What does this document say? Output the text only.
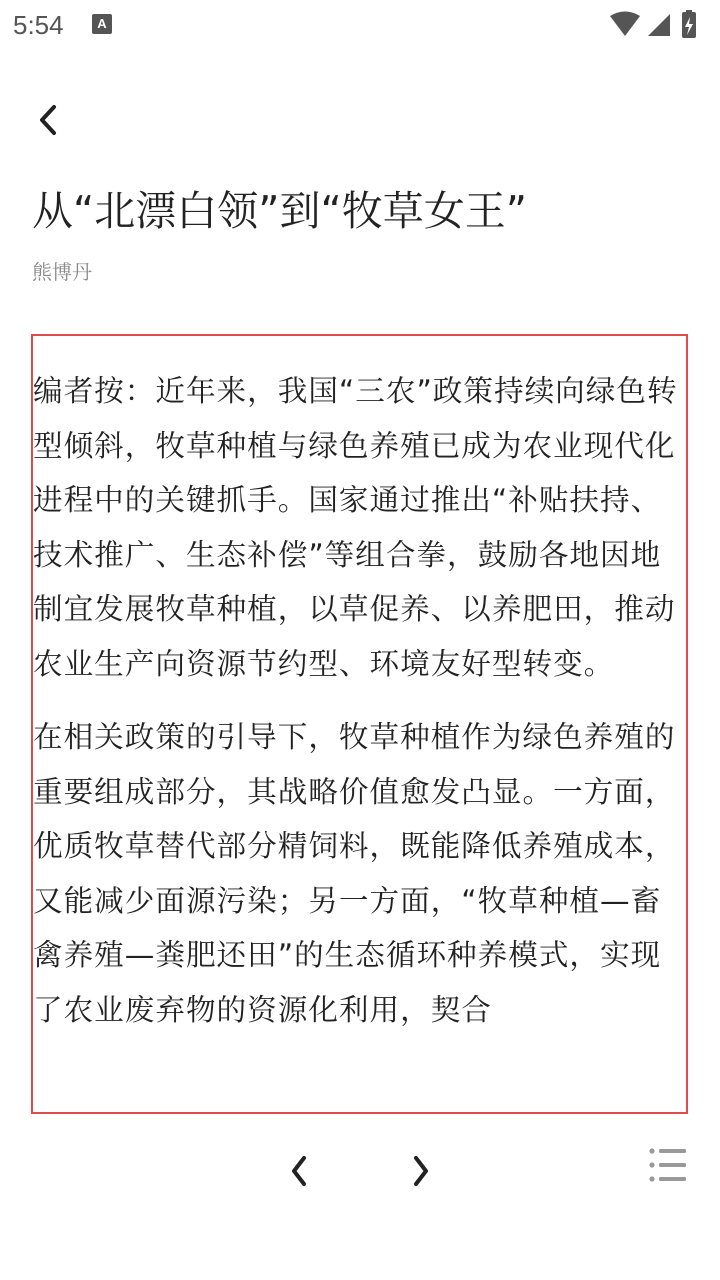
5:54	A
从“北漂白领”到“牧草女王”
熊博丹

编者按：近年来，我国“三农”政策持续向绿色转型倾斜，牧草种植与绿色养殖已成为农业现代化进程中的关键抓手。国家通过推出“补贴扶持、技术推广、生态补偿”等组合拳，鼓励各地因地制宜发展牧草种植，以草促养、以养肥田，推动农业生产向资源节约型、环境友好型转变。

在相关政策的引导下，牧草种植作为绿色养殖的重要组成部分，其战略价值愈发凸显。一方面，优质牧草替代部分精饲料，既能降低养殖成本，又能减少面源污染；另一方面，“牧草种植—畜禽养殖—粪肥还田”的生态循环种养模式，实现了农业废弃物的资源化利用，契合
